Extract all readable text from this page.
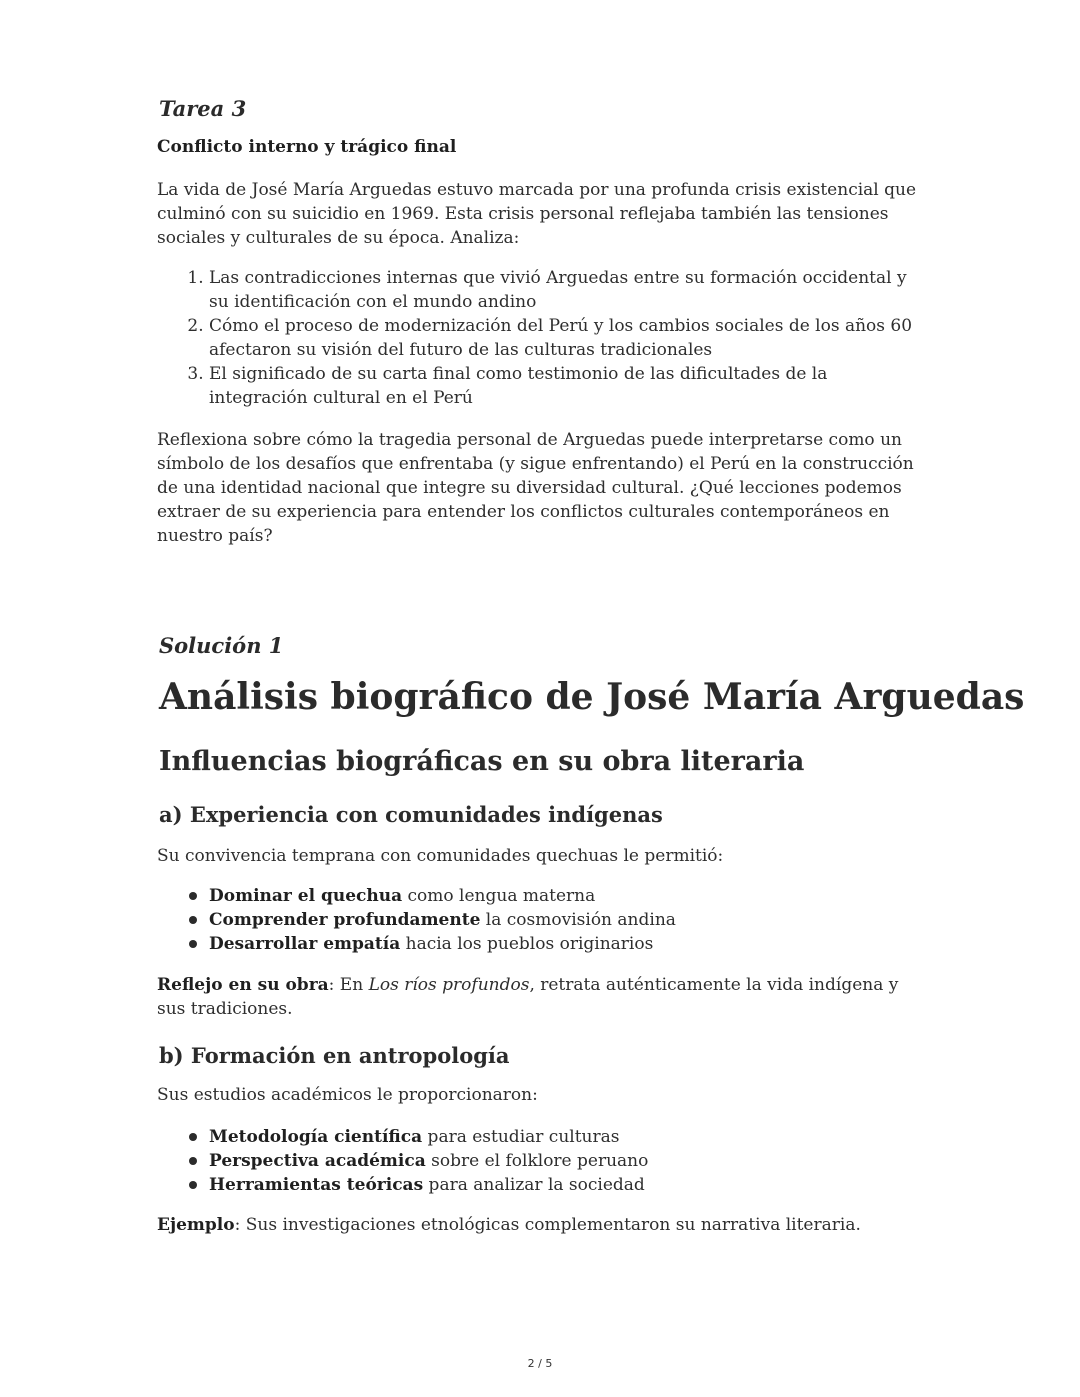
Tarea 3

Conflicto interno y trágico final

La vida de José María Arguedas estuvo marcada por una profunda crisis existencial que culminó con su suicidio en 1969. Esta crisis personal reflejaba también las tensiones sociales y culturales de su época. Analiza:

1. Las contradicciones internas que vivió Arguedas entre su formación occidental y su identificación con el mundo andino
2. Cómo el proceso de modernización del Perú y los cambios sociales de los años 60 afectaron su visión del futuro de las culturas tradicionales
3. El significado de su carta final como testimonio de las dificultades de la integración cultural en el Perú

Reflexiona sobre cómo la tragedia personal de Arguedas puede interpretarse como un símbolo de los desafíos que enfrentaba (y sigue enfrentando) el Perú en la construcción de una identidad nacional que integre su diversidad cultural. ¿Qué lecciones podemos extraer de su experiencia para entender los conflictos culturales contemporáneos en nuestro país?

Solución 1

Análisis biográfico de José María Arguedas
Influencias biográficas en su obra literaria
a) Experiencia con comunidades indígenas

Su convivencia temprana con comunidades quechuas le permitió:

Dominar el quechua como lengua materna
Comprender profundamente la cosmovisión andina
Desarrollar empatía hacia los pueblos originarios

Reflejo en su obra: En Los ríos profundos, retrata auténticamente la vida indígena y sus tradiciones.

b) Formación en antropología

Sus estudios académicos le proporcionaron:

Metodología científica para estudiar culturas
Perspectiva académica sobre el folklore peruano
Herramientas teóricas para analizar la sociedad

Ejemplo: Sus investigaciones etnológicas complementaron su narrativa literaria.

2 / 5
